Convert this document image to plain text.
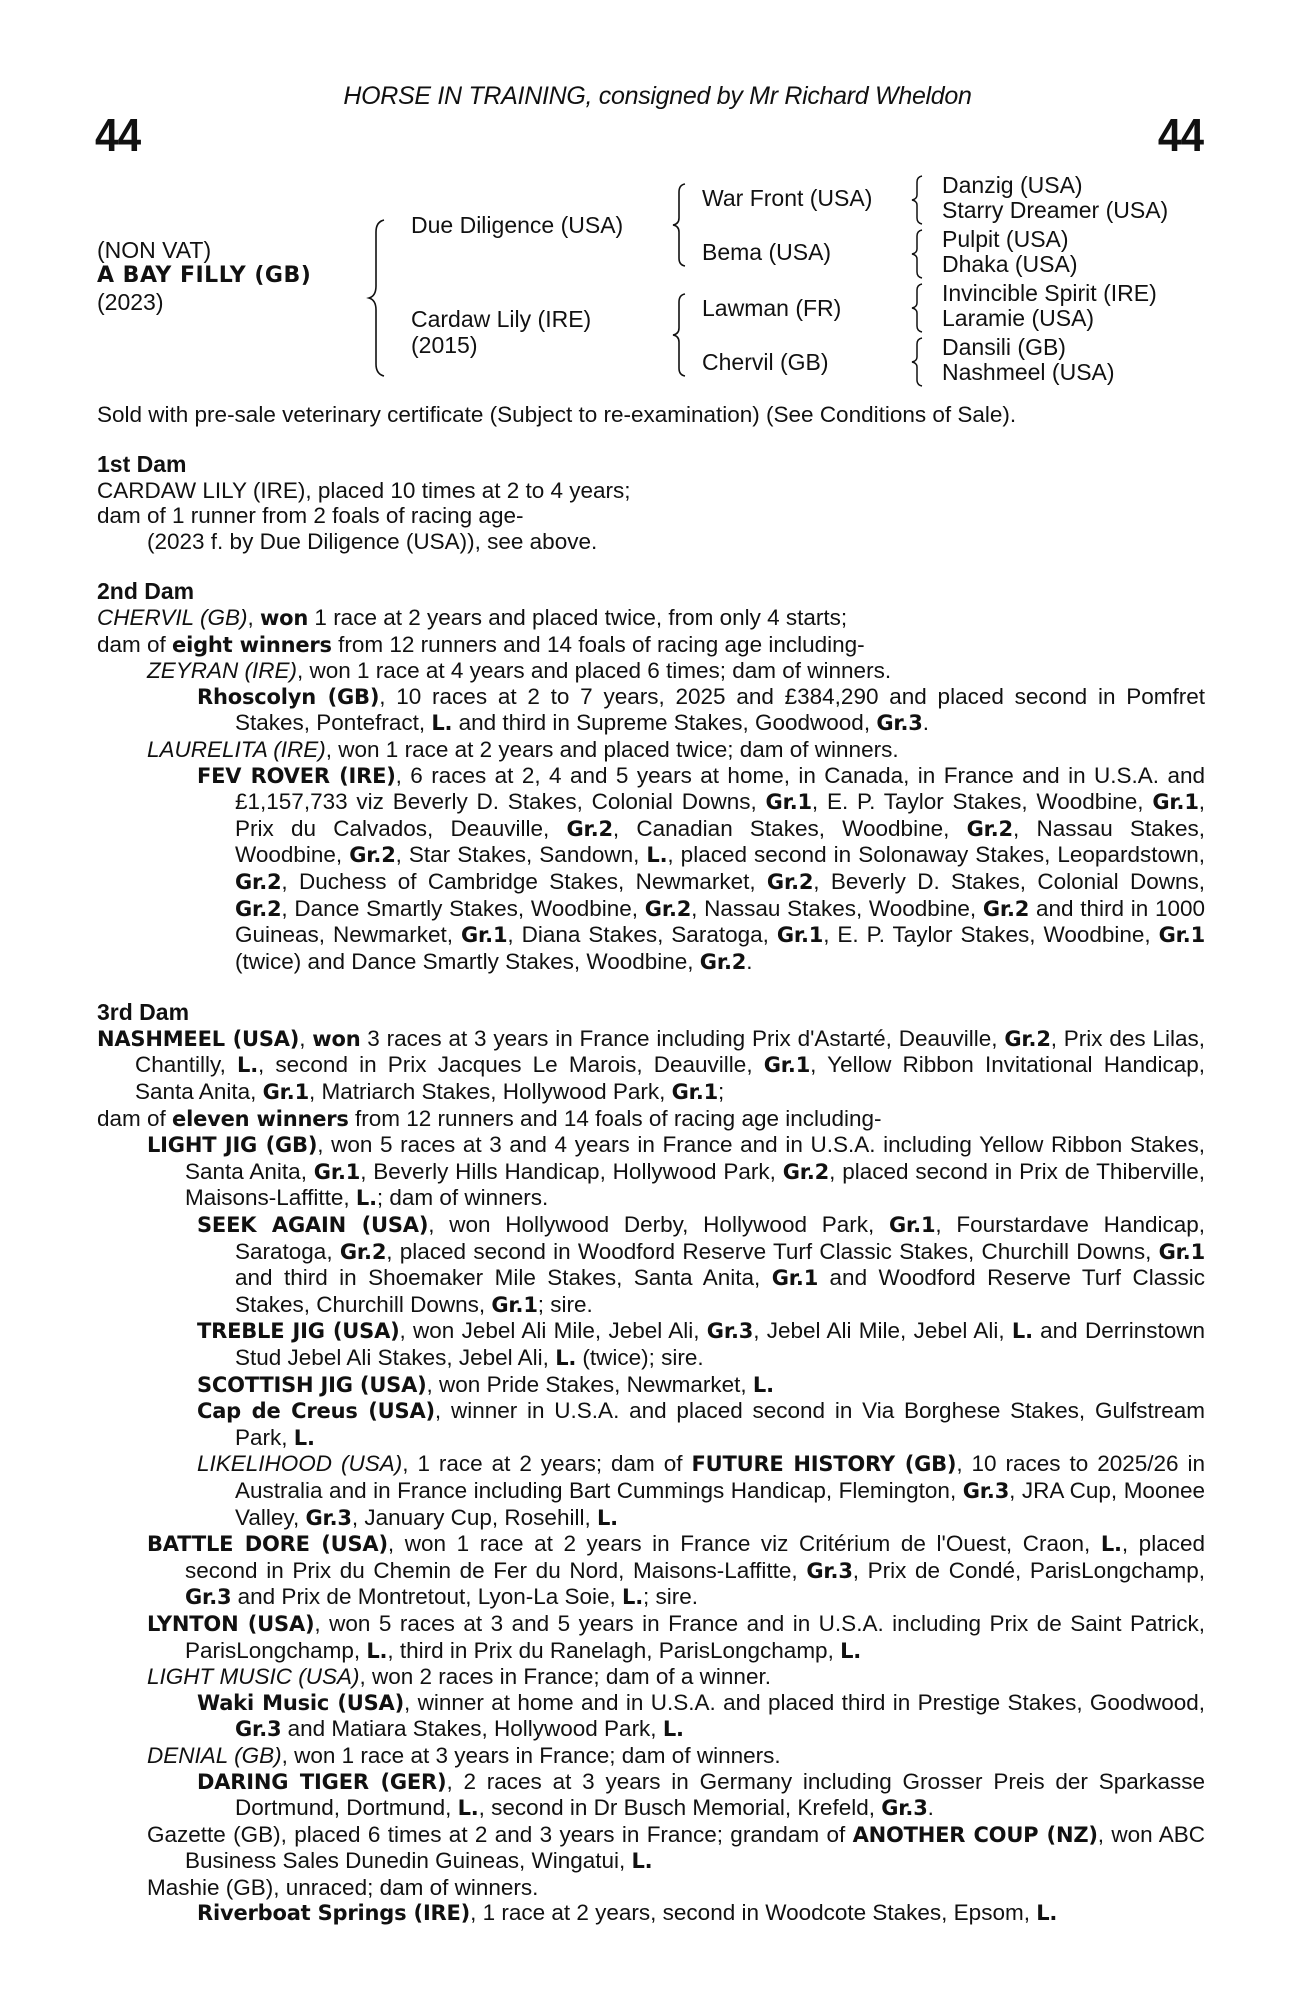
HORSE IN TRAINING, consigned by Mr Richard Wheldon
44	44
(NON VAT)
A BAY FILLY (GB)
(2023)
Due Diligence (USA)
Cardaw Lily (IRE)
(2015)
War Front (USA)
Bema (USA)
Lawman (FR)
Chervil (GB)
Danzig (USA)
Starry Dreamer (USA)
Pulpit (USA)
Dhaka (USA)
Invincible Spirit (IRE)
Laramie (USA)
Dansili (GB)
Nashmeel (USA)
Sold with pre-sale veterinary certificate (Subject to re-examination) (See Conditions of Sale).
1st Dam
CARDAW LILY (IRE), placed 10 times at 2 to 4 years;
dam of 1 runner from 2 foals of racing age-
(2023 f. by Due Diligence (USA)), see above.
2nd Dam
CHERVIL (GB), won 1 race at 2 years and placed twice, from only 4 starts;
dam of eight winners from 12 runners and 14 foals of racing age including-
ZEYRAN (IRE), won 1 race at 4 years and placed 6 times; dam of winners.
Rhoscolyn (GB), 10 races at 2 to 7 years, 2025 and £384,290 and placed second in Pomfret Stakes, Pontefract, L. and third in Supreme Stakes, Goodwood, Gr.3.
LAURELITA (IRE), won 1 race at 2 years and placed twice; dam of winners.
FEV ROVER (IRE), 6 races at 2, 4 and 5 years at home, in Canada, in France and in U.S.A. and £1,157,733 viz Beverly D. Stakes, Colonial Downs, Gr.1, E. P. Taylor Stakes, Woodbine, Gr.1, Prix du Calvados, Deauville, Gr.2, Canadian Stakes, Woodbine, Gr.2, Nassau Stakes, Woodbine, Gr.2, Star Stakes, Sandown, L., placed second in Solonaway Stakes, Leopardstown, Gr.2, Duchess of Cambridge Stakes, Newmarket, Gr.2, Beverly D. Stakes, Colonial Downs, Gr.2, Dance Smartly Stakes, Woodbine, Gr.2, Nassau Stakes, Woodbine, Gr.2 and third in 1000 Guineas, Newmarket, Gr.1, Diana Stakes, Saratoga, Gr.1, E. P. Taylor Stakes, Woodbine, Gr.1 (twice) and Dance Smartly Stakes, Woodbine, Gr.2.
3rd Dam
NASHMEEL (USA), won 3 races at 3 years in France including Prix d'Astarté, Deauville, Gr.2, Prix des Lilas, Chantilly, L., second in Prix Jacques Le Marois, Deauville, Gr.1, Yellow Ribbon Invitational Handicap, Santa Anita, Gr.1, Matriarch Stakes, Hollywood Park, Gr.1;
dam of eleven winners from 12 runners and 14 foals of racing age including-
LIGHT JIG (GB), won 5 races at 3 and 4 years in France and in U.S.A. including Yellow Ribbon Stakes, Santa Anita, Gr.1, Beverly Hills Handicap, Hollywood Park, Gr.2, placed second in Prix de Thiberville, Maisons-Laffitte, L.; dam of winners.
SEEK AGAIN (USA), won Hollywood Derby, Hollywood Park, Gr.1, Fourstardave Handicap, Saratoga, Gr.2, placed second in Woodford Reserve Turf Classic Stakes, Churchill Downs, Gr.1 and third in Shoemaker Mile Stakes, Santa Anita, Gr.1 and Woodford Reserve Turf Classic Stakes, Churchill Downs, Gr.1; sire.
TREBLE JIG (USA), won Jebel Ali Mile, Jebel Ali, Gr.3, Jebel Ali Mile, Jebel Ali, L. and Derrinstown Stud Jebel Ali Stakes, Jebel Ali, L. (twice); sire.
SCOTTISH JIG (USA), won Pride Stakes, Newmarket, L.
Cap de Creus (USA), winner in U.S.A. and placed second in Via Borghese Stakes, Gulfstream Park, L.
LIKELIHOOD (USA), 1 race at 2 years; dam of FUTURE HISTORY (GB), 10 races to 2025/26 in Australia and in France including Bart Cummings Handicap, Flemington, Gr.3, JRA Cup, Moonee Valley, Gr.3, January Cup, Rosehill, L.
BATTLE DORE (USA), won 1 race at 2 years in France viz Critérium de l'Ouest, Craon, L., placed second in Prix du Chemin de Fer du Nord, Maisons-Laffitte, Gr.3, Prix de Condé, ParisLongchamp, Gr.3 and Prix de Montretout, Lyon-La Soie, L.; sire.
LYNTON (USA), won 5 races at 3 and 5 years in France and in U.S.A. including Prix de Saint Patrick, ParisLongchamp, L., third in Prix du Ranelagh, ParisLongchamp, L.
LIGHT MUSIC (USA), won 2 races in France; dam of a winner.
Waki Music (USA), winner at home and in U.S.A. and placed third in Prestige Stakes, Goodwood, Gr.3 and Matiara Stakes, Hollywood Park, L.
DENIAL (GB), won 1 race at 3 years in France; dam of winners.
DARING TIGER (GER), 2 races at 3 years in Germany including Grosser Preis der Sparkasse Dortmund, Dortmund, L., second in Dr Busch Memorial, Krefeld, Gr.3.
Gazette (GB), placed 6 times at 2 and 3 years in France; grandam of ANOTHER COUP (NZ), won ABC Business Sales Dunedin Guineas, Wingatui, L.
Mashie (GB), unraced; dam of winners.
Riverboat Springs (IRE), 1 race at 2 years, second in Woodcote Stakes, Epsom, L.
